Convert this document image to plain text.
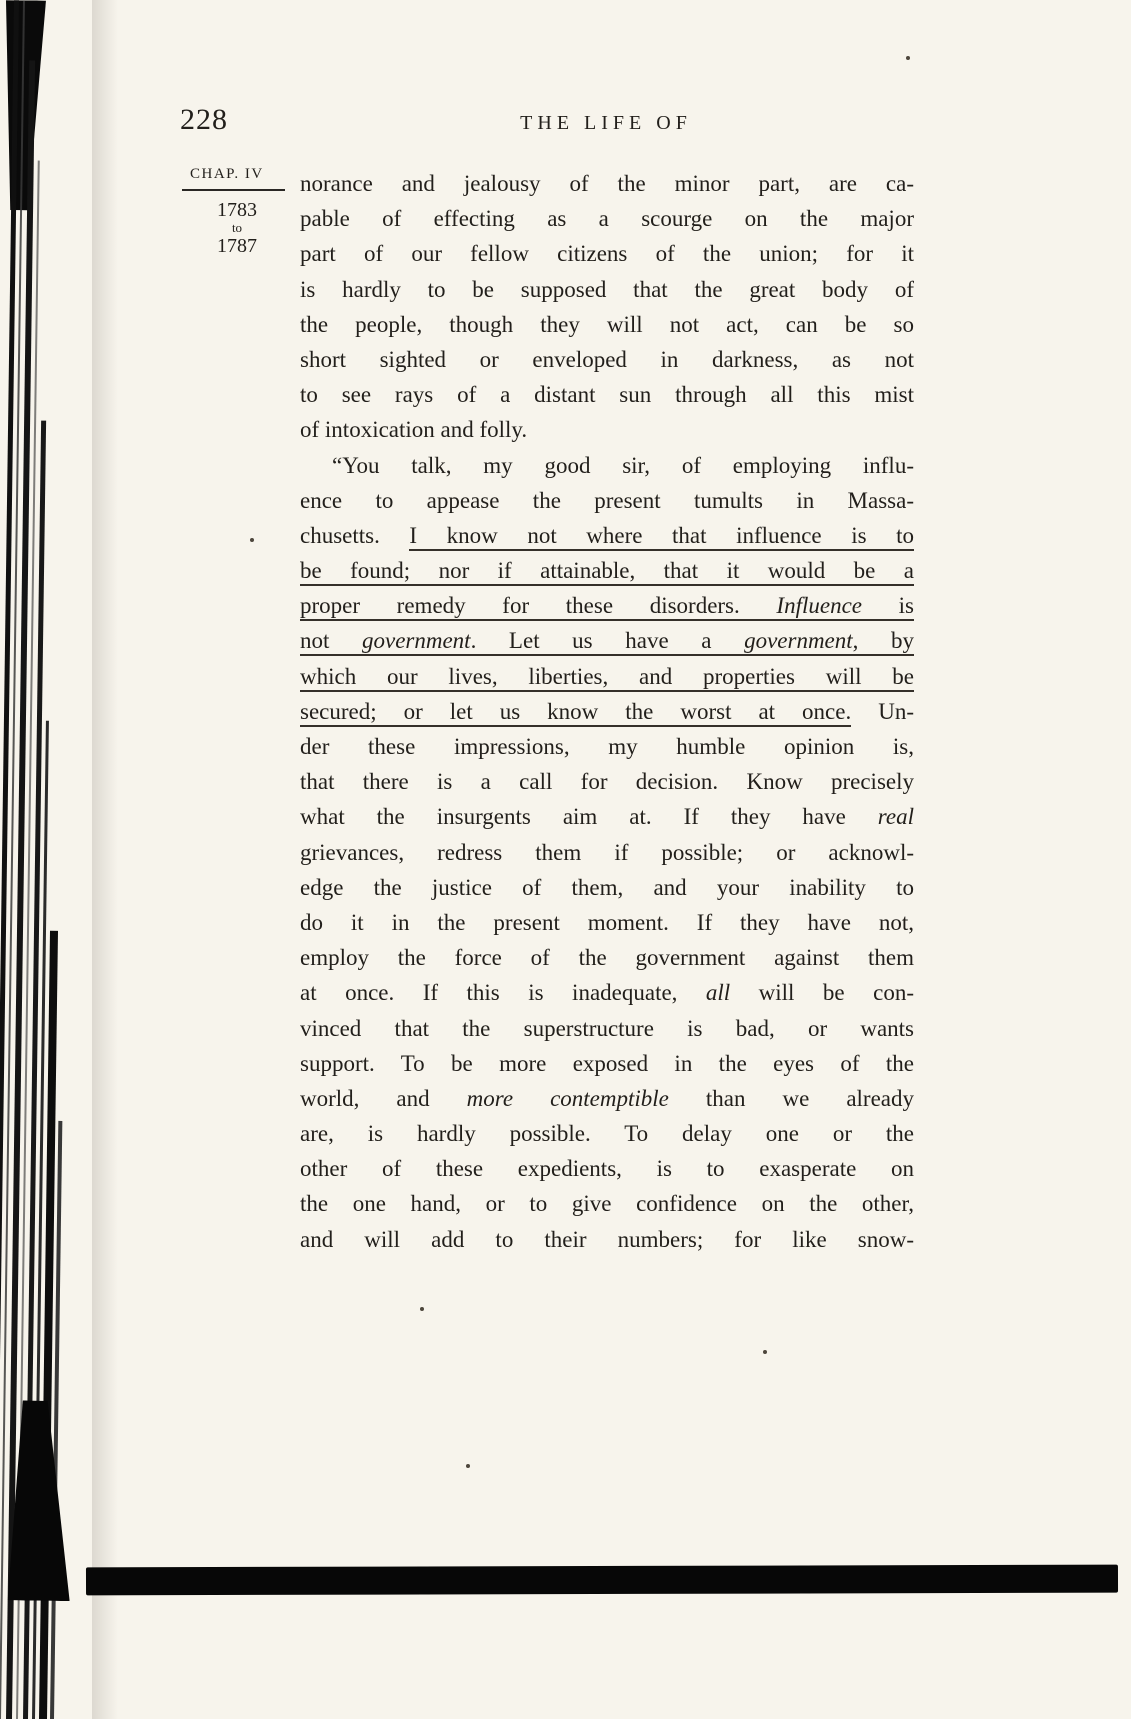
228	THE LIFE OF
CHAP. IV
1783
to
1787
norance and jealousy of the minor part, are ca-
pable of effecting as a scourge on the major
part of our fellow citizens of the union; for it
is hardly to be supposed that the great body of
the people, though they will not act, can be so
short sighted or enveloped in darkness, as not
to see rays of a distant sun through all this mist
of intoxication and folly.
“You talk, my good sir, of employing influ-
ence to appease the present tumults in Massa-
chusetts. I know not where that influence is to
be found; nor if attainable, that it would be a
proper remedy for these disorders. Influence is
not government. Let us have a government, by
which our lives, liberties, and properties will be
secured; or let us know the worst at once. Un-
der these impressions, my humble opinion is,
that there is a call for decision. Know precisely
what the insurgents aim at. If they have real
grievances, redress them if possible; or acknowl-
edge the justice of them, and your inability to
do it in the present moment. If they have not,
employ the force of the government against them
at once. If this is inadequate, all will be con-
vinced that the superstructure is bad, or wants
support. To be more exposed in the eyes of the
world, and more contemptible than we already
are, is hardly possible. To delay one or the
other of these expedients, is to exasperate on
the one hand, or to give confidence on the other,
and will add to their numbers; for like snow-
